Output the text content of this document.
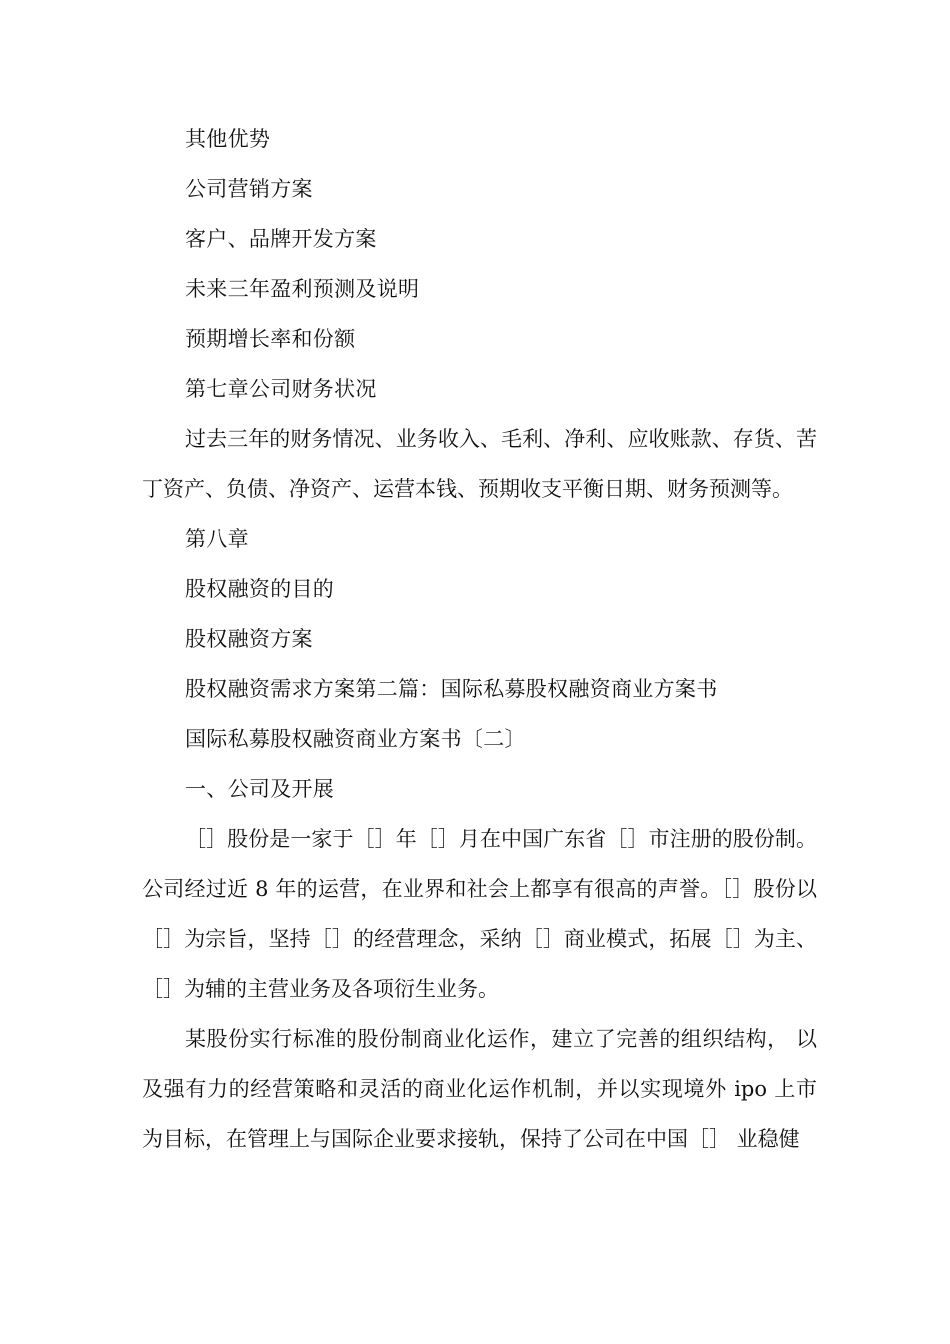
其他优势
公司营销方案
客户、品牌开发方案
未来三年盈利预测及说明
预期增长率和份额
第七章公司财务状况

过去三年的财务情况、业务收入、毛利、净利、应收账款、存货、苦丁资产、负债、净资产、运营本钱、预期收支平衡日期、财务预测等。

第八章
股权融资的目的
股权融资方案
股权融资需求方案第二篇：国际私募股权融资商业方案书
国际私募股权融资商业方案书〔二〕
一、公司及开展

［］股份是一家于［］年［］月在中国广东省［］市注册的股份制。公司经过近 8 年的运营，在业界和社会上都享有很高的声誉。［］股份以［］为宗旨，坚持［］的经营理念，采纳［］商业模式，拓展［］为主、［］为辅的主营业务及各项衍生业务。

某股份实行标准的股份制商业化运作，建立了完善的组织结构， 以及强有力的经营策略和灵活的商业化运作机制，并以实现境外 ipo 上市为目标，在管理上与国际企业要求接轨，保持了公司在中国［］ 业稳健
